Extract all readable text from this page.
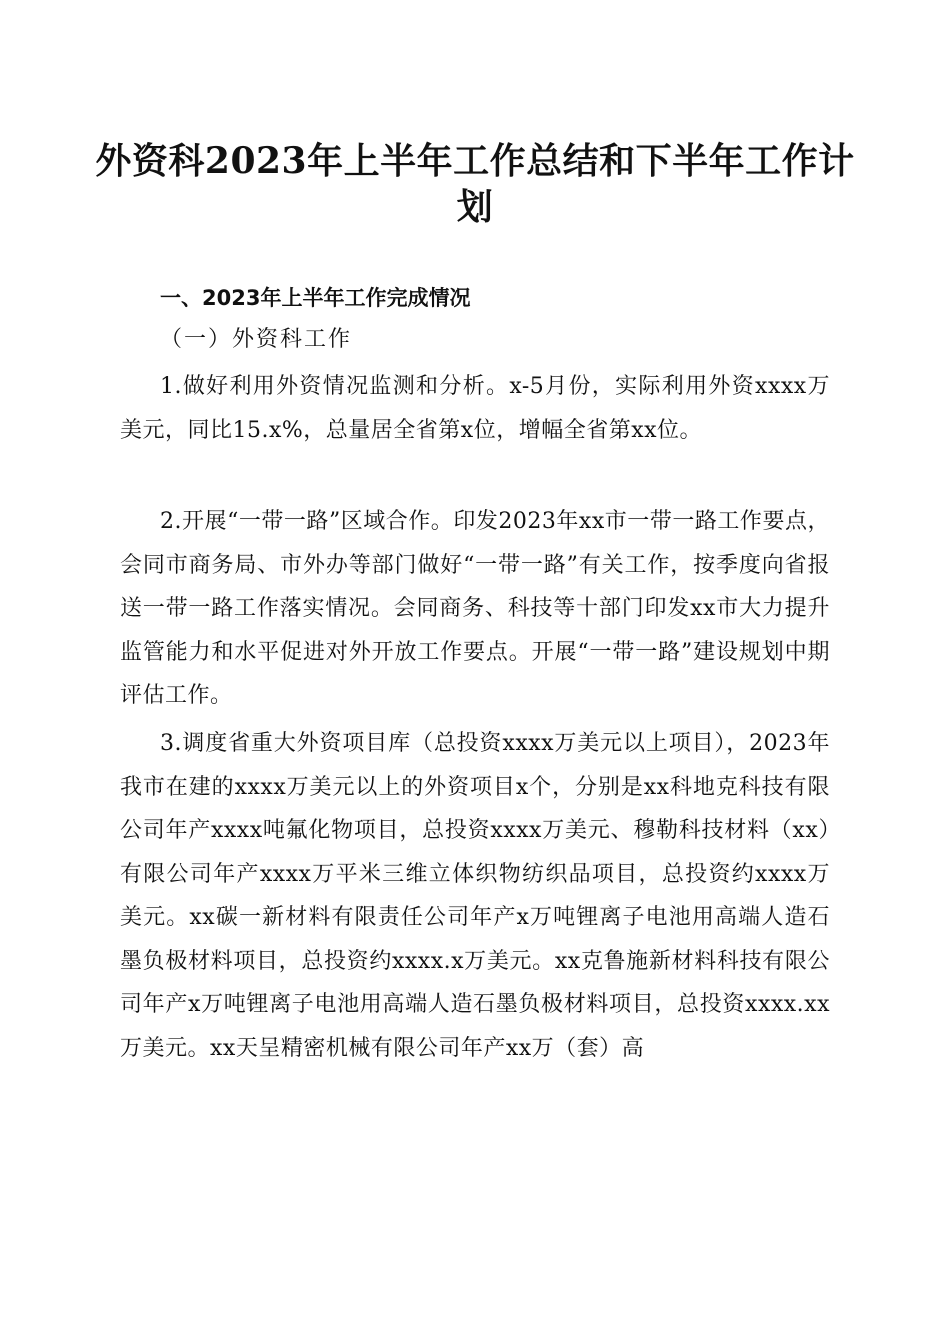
外资科2023年上半年工作总结和下半年工作计划
一、2023年上半年工作完成情况
（一）外资科工作

1.做好利用外资情况监测和分析。x-5月份，实际利用外资xxxx万美元，同比15.x%，总量居全省第x位，增幅全省第xx位。

2.开展“一带一路”区域合作。印发2023年xx市一带一路工作要点，会同市商务局、市外办等部门做好“一带一路”有关工作，按季度向省报送一带一路工作落实情况。会同商务、科技等十部门印发xx市大力提升监管能力和水平促进对外开放工作要点。开展“一带一路”建设规划中期评估工作。

3.调度省重大外资项目库（总投资xxxx万美元以上项目），2023年我市在建的xxxx万美元以上的外资项目x个，分别是xx科地克科技有限公司年产xxxx吨氟化物项目，总投资xxxx万美元、穆勒科技材料（xx）有限公司年产xxxx万平米三维立体织物纺织品项目，总投资约xxxx万美元。xx碳一新材料有限责任公司年产x万吨锂离子电池用高端人造石墨负极材料项目，总投资约xxxx.x万美元。xx克鲁施新材料科技有限公司年产x万吨锂离子电池用高端人造石墨负极材料项目，总投资xxxx.xx万美元。xx天呈精密机械有限公司年产xx万（套）高
